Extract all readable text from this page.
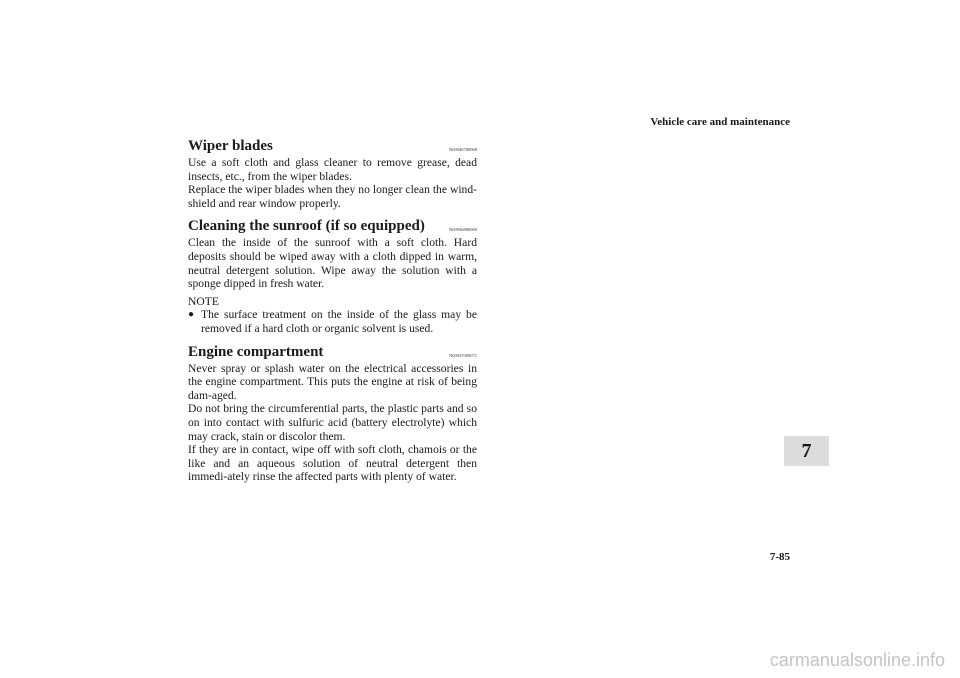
Vehicle care and maintenance
Wiper blades	N00946700068

Use a soft cloth and glass cleaner to remove grease, dead insects, etc., from the wiper blades.

Replace the wiper blades when they no longer clean the wind-shield and rear window properly.

Cleaning the sunroof (if so equipped)	N00946800069

Clean the inside of the sunroof with a soft cloth. Hard deposits should be wiped away with a cloth dipped in warm, neutral detergent solution. Wipe away the solution with a sponge dipped in fresh water.

NOTE
● The surface treatment on the inside of the glass may be removed if a hard cloth or organic solvent is used.
Engine compartment	N00947000071

Never spray or splash water on the electrical accessories in the engine compartment. This puts the engine at risk of being dam-aged.

Do not bring the circumferential parts, the plastic parts and so on into contact with sulfuric acid (battery electrolyte) which may crack, stain or discolor them.

If they are in contact, wipe off with soft cloth, chamois or the like and an aqueous solution of neutral detergent then immedi-ately rinse the affected parts with plenty of water.

7
7-85
carmanualsonline.info
